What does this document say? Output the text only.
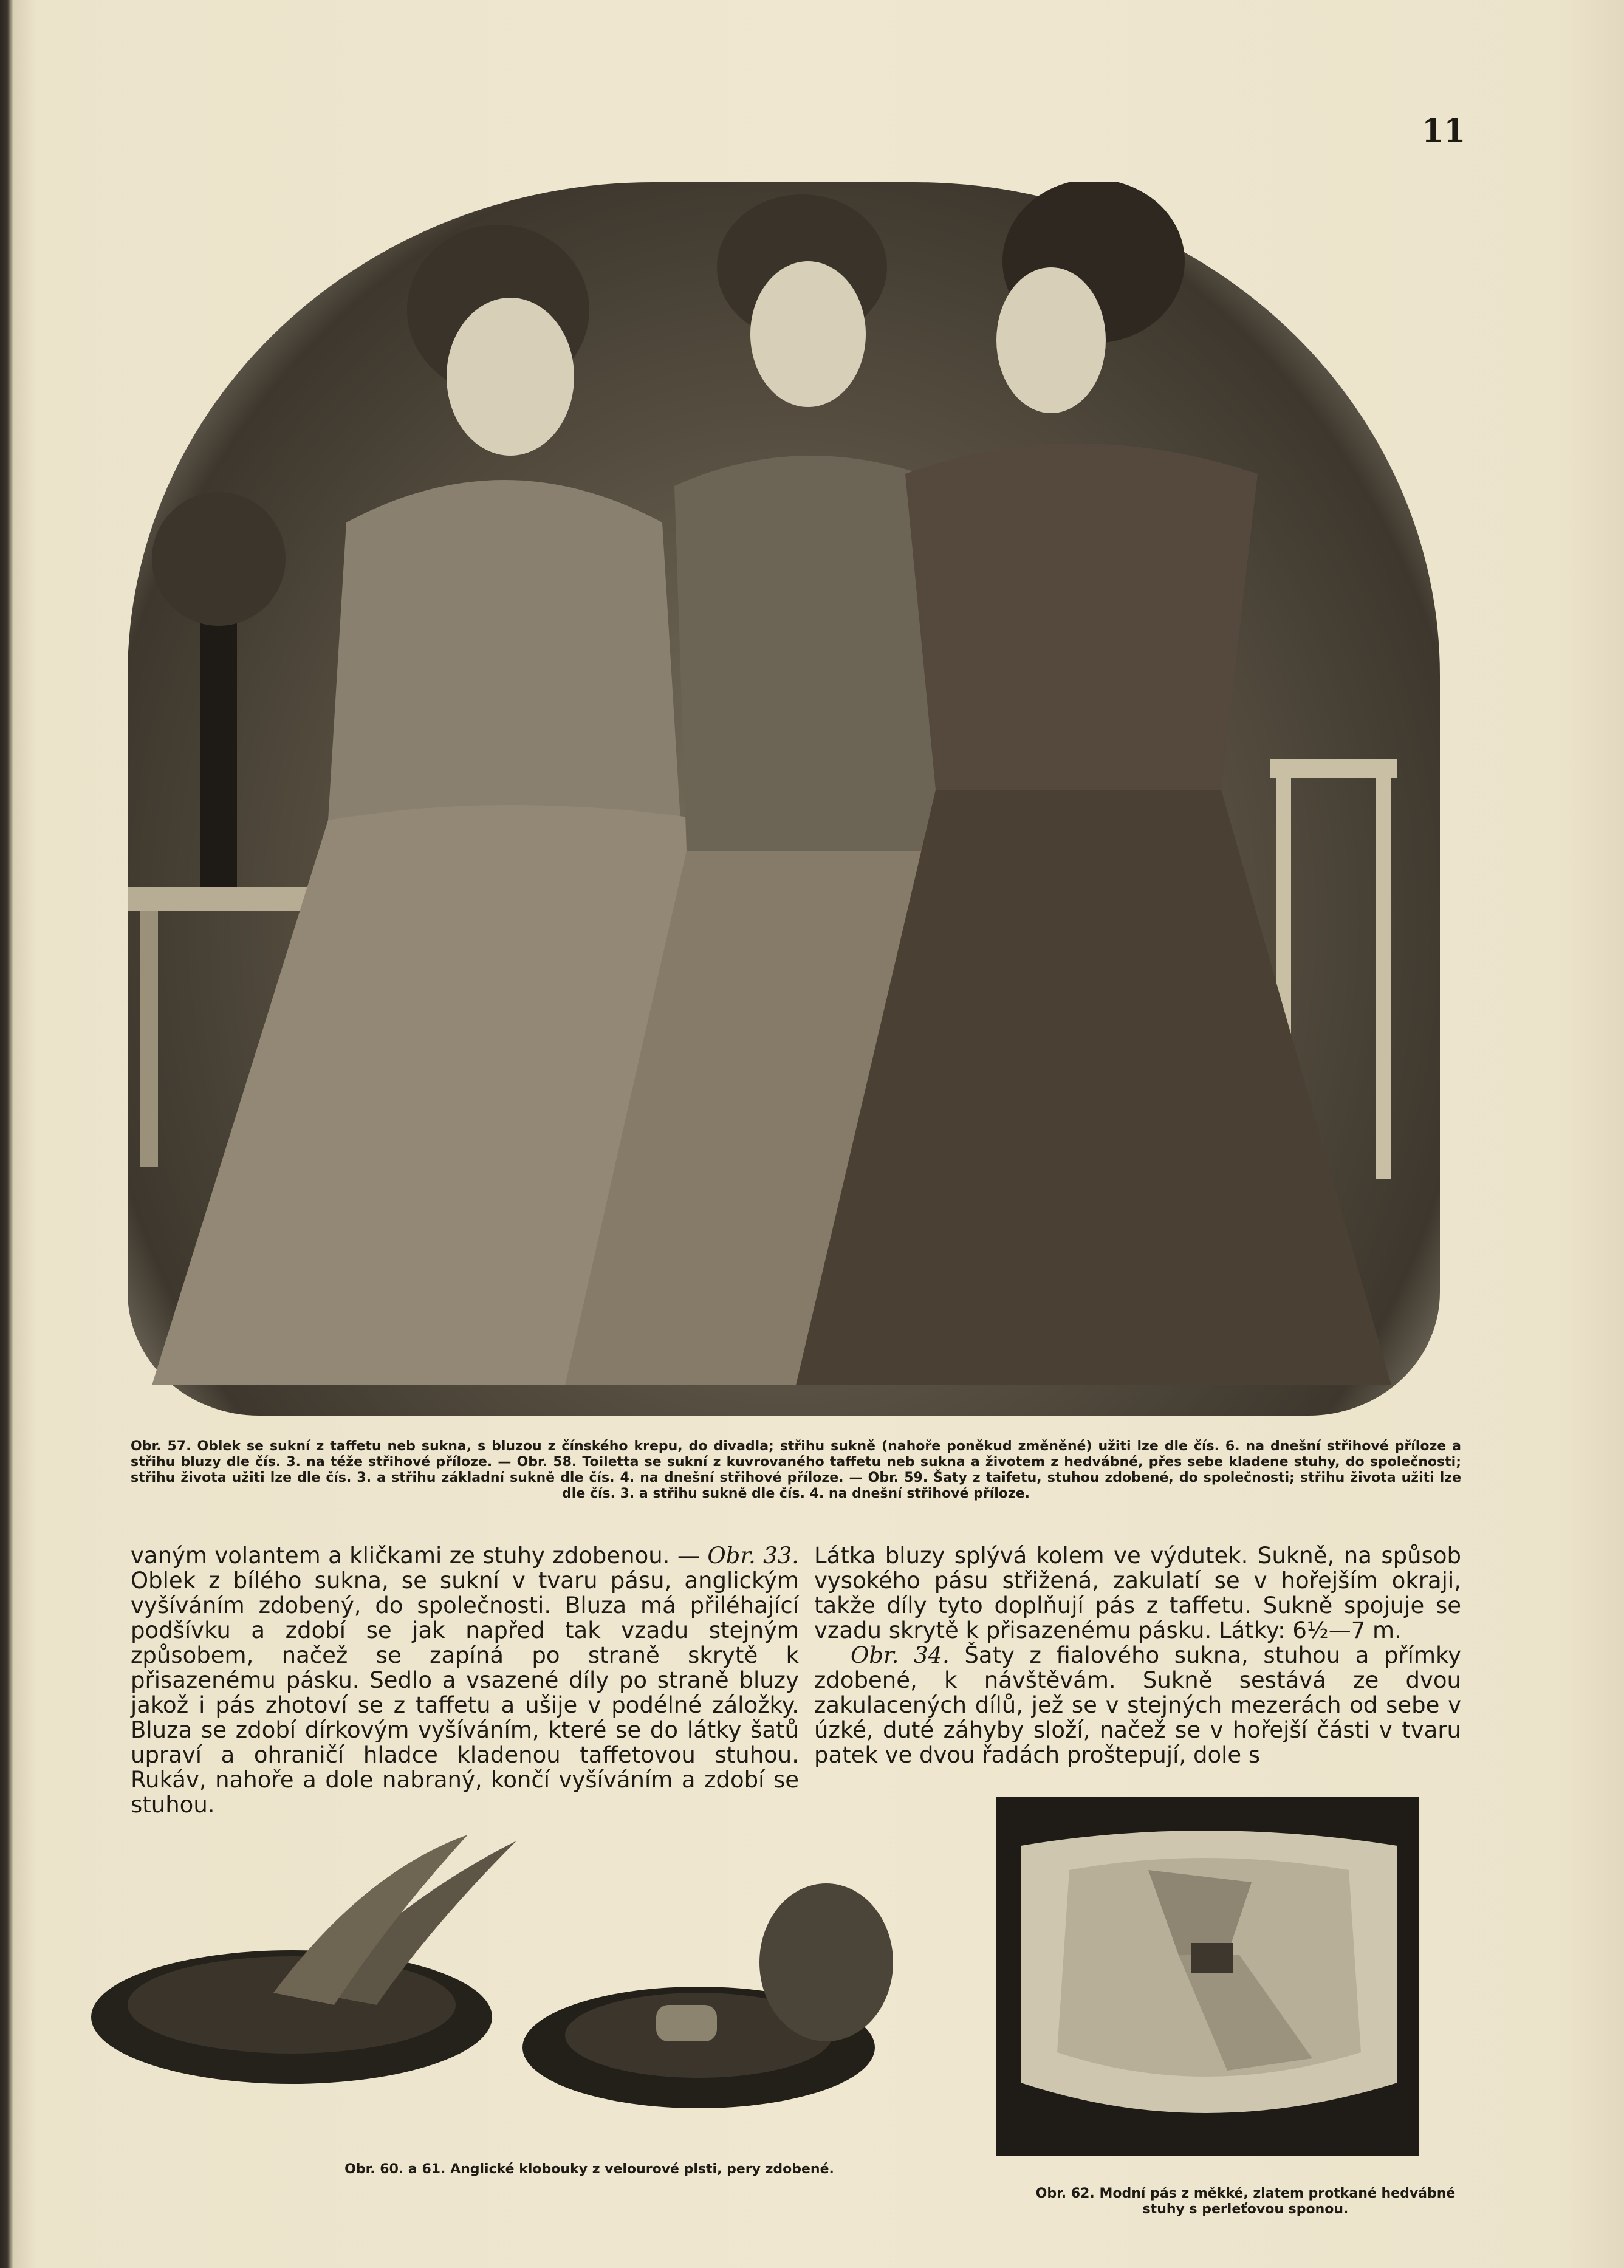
11
Obr. 57. Oblek se sukní z taffetu neb sukna, s bluzou z čínského krepu, do divadla; střihu sukně (nahoře poněkud změněné) užiti lze dle čís. 6. na dnešní střihové příloze a střihu bluzy dle čís. 3. na téže střihové příloze. — Obr. 58. Toiletta se sukní z kuvrovaného taffetu neb sukna a životem z hedvábné, přes sebe kladene stuhy, do společnosti; střihu života užiti lze dle čís. 3. a střihu základní sukně dle čís. 4. na dnešní střihové příloze. — Obr. 59. Šaty z taifetu, stuhou zdobené, do společnosti; střihu života užiti lze dle čís. 3. a střihu sukně dle čís. 4. na dnešní střihové příloze.

vaným volantem a kličkami ze stuhy zdobenou. — Obr. 33. Oblek z bílého sukna, se sukní v tvaru pásu, anglickým vyšíváním zdobený, do společnosti. Bluza má přiléhající podšívku a zdobí se jak napřed tak vzadu stejným způsobem, načež se zapíná po straně skrytě k přisazenému pásku. Sedlo a vsazené díly po straně bluzy jakož i pás zhotoví se z taffetu a ušije v podélné záložky. Bluza se zdobí dírkovým vyšíváním, které se do látky šatů upraví a ohraničí hladce kladenou taffetovou stuhou. Rukáv, nahoře a dole nabraný, končí vyšíváním a zdobí se stuhou.

Látka bluzy splývá kolem ve výdutek. Sukně, na spůsob vysokého pásu střižená, zakulatí se v hořejším okraji, takže díly tyto doplňují pás z taffetu. Sukně spojuje se vzadu skrytě k přisazenému pásku. Látky: 6½—7 m.

Obr. 34. Šaty z fialového sukna, stuhou a přímky zdobené, k návštěvám. Sukně sestává ze dvou zakulacených dílů, jež se v stejných mezerách od sebe v úzké, duté záhyby složí, načež se v hořejší části v tvaru patek ve dvou řadách proštepují, dole s

Obr. 60. a 61. Anglické klobouky z velourové plsti, pery zdobené.
Obr. 62. Modní pás z měkké, zlatem protkané hedvábné stuhy s perleťovou sponou.
